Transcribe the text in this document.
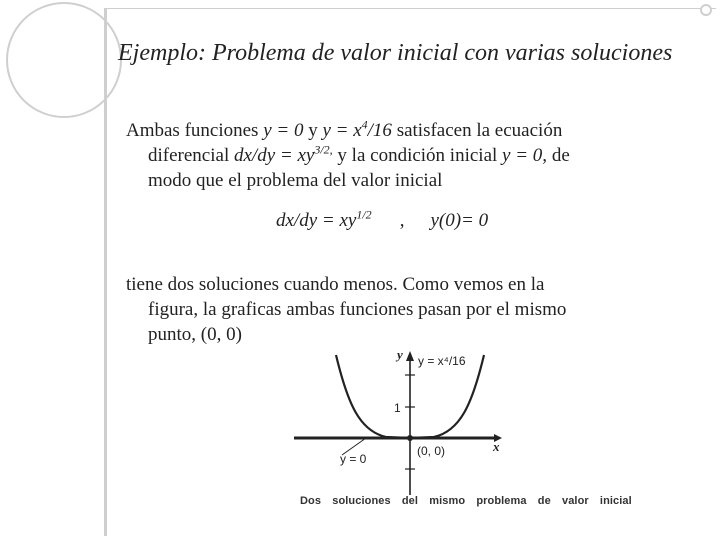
Ejemplo: Problema de valor inicial con varias soluciones
Ambas funciones y = 0 y $y = x^4/16$ satisfacen la ecuación
diferencial $dx/dy = xy^{3/2,}$ y la condición inicial y = 0, de
modo que el problema del valor inicial
$dx/dy = xy^{1/2}$ , y(0)= 0
tiene dos soluciones cuando menos. Como vemos en la
figura, la graficas ambas funciones pasan por el mismo
punto, (0, 0)
y y = x⁴/16
1
x
(0, 0)
y = 0
Dos soluciones del mismo problema de valor inicial
